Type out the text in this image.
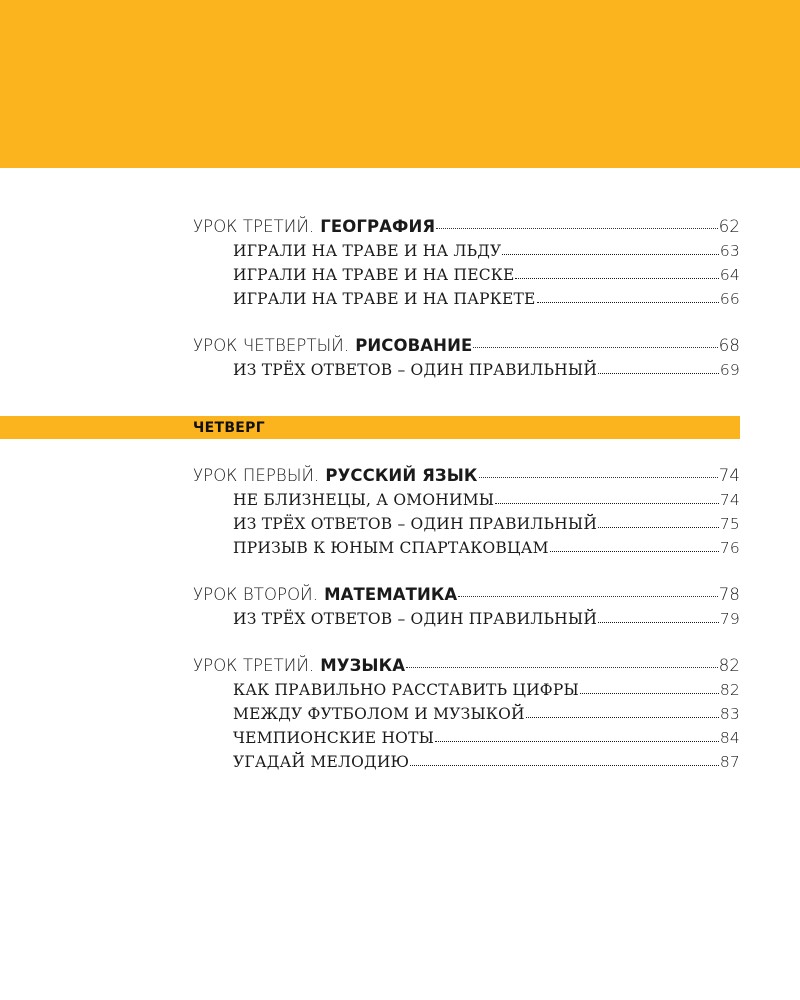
УРОК ТРЕТИЙ. ГЕОГРАФИЯ	62
ИГРАЛИ НА ТРАВЕ И НА ЛЬДУ	63
ИГРАЛИ НА ТРАВЕ И НА ПЕСКЕ	64
ИГРАЛИ НА ТРАВЕ И НА ПАРКЕТЕ	66
УРОК ЧЕТВЕРТЫЙ. РИСОВАНИЕ	68
ИЗ ТРЁХ ОТВЕТОВ – ОДИН ПРАВИЛЬНЫЙ	69
ЧЕТВЕРГ
УРОК ПЕРВЫЙ. РУССКИЙ ЯЗЫК	74
НЕ БЛИЗНЕЦЫ, А ОМОНИМЫ	74
ИЗ ТРЁХ ОТВЕТОВ – ОДИН ПРАВИЛЬНЫЙ	75
ПРИЗЫВ К ЮНЫМ СПАРТАКОВЦАМ	76
УРОК ВТОРОЙ. МАТЕМАТИКА	78
ИЗ ТРЁХ ОТВЕТОВ – ОДИН ПРАВИЛЬНЫЙ	79
УРОК ТРЕТИЙ. МУЗЫКА	82
КАК ПРАВИЛЬНО РАССТАВИТЬ ЦИФРЫ	82
МЕЖДУ ФУТБОЛОМ И МУЗЫКОЙ	83
ЧЕМПИОНСКИЕ НОТЫ	84
УГАДАЙ МЕЛОДИЮ	87
